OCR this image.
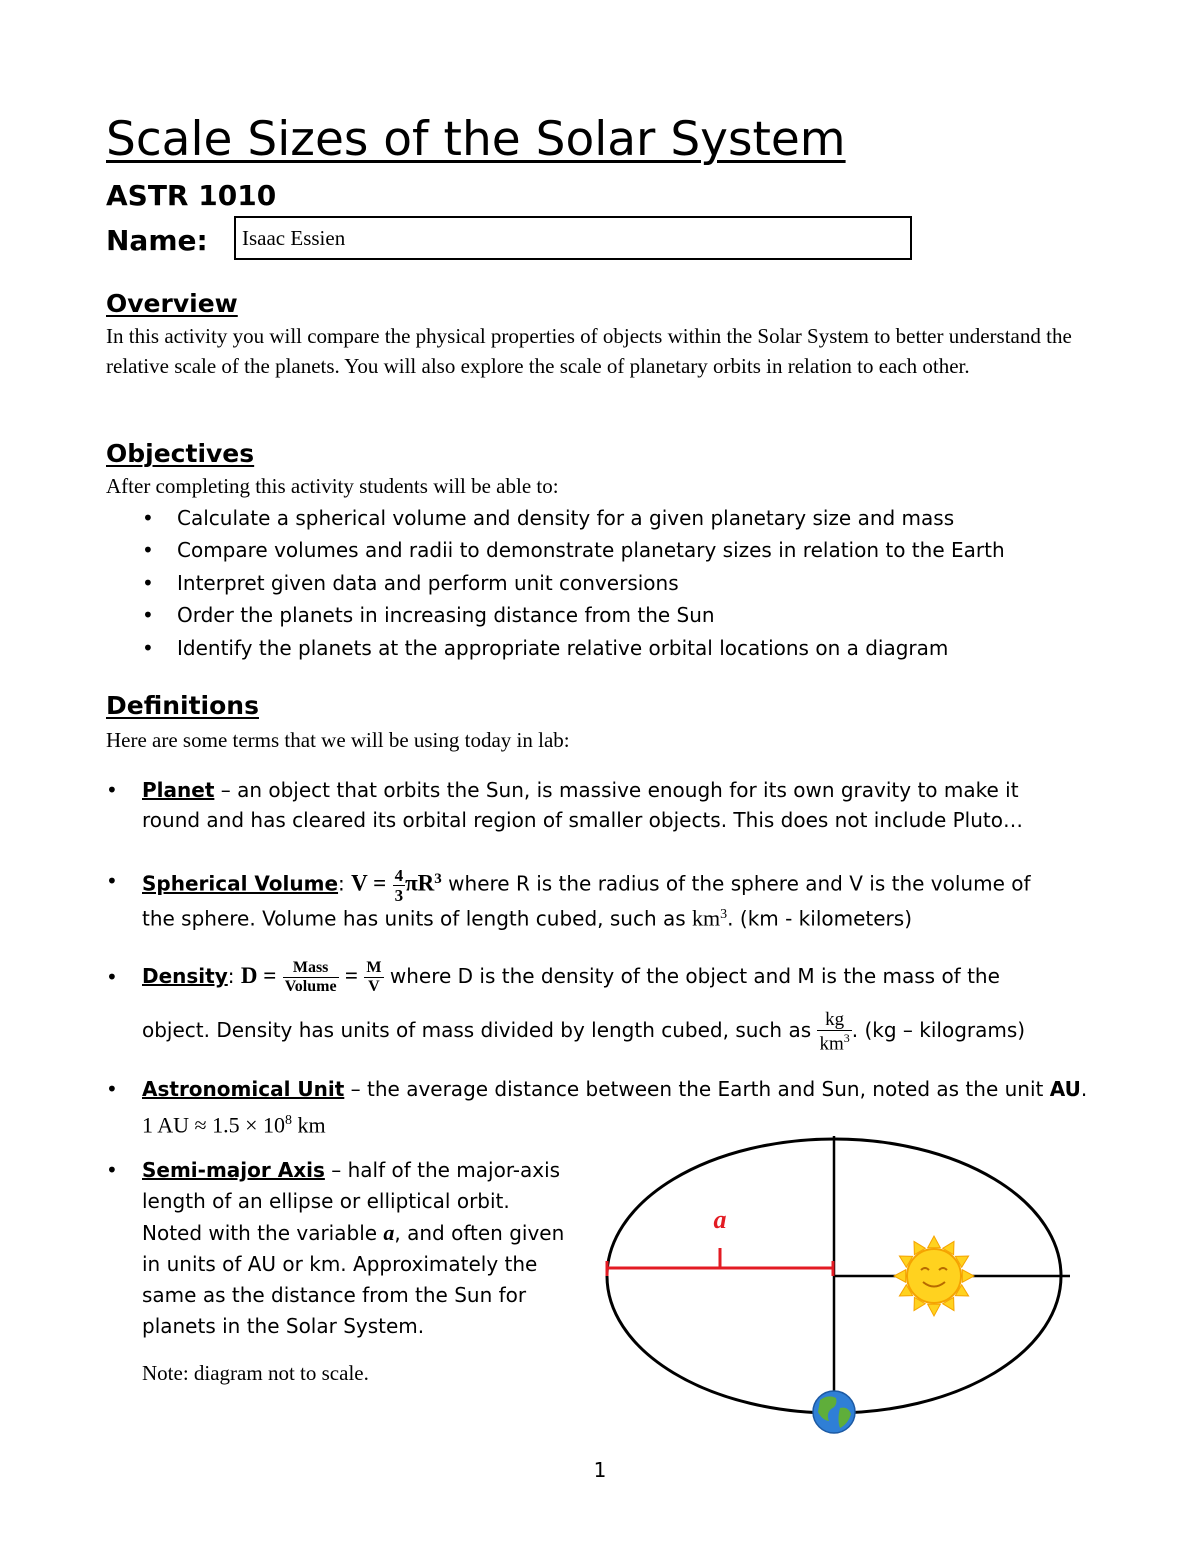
Scale Sizes of the Solar System
ASTR 1010
Name: Isaac Essien
Overview
In this activity you will compare the physical properties of objects within the Solar System to better understand the relative scale of the planets. You will also explore the scale of planetary orbits in relation to each other.
Objectives
After completing this activity students will be able to:
• Calculate a spherical volume and density for a given planetary size and mass
• Compare volumes and radii to demonstrate planetary sizes in relation to the Earth
• Interpret given data and perform unit conversions
• Order the planets in increasing distance from the Sun
• Identify the planets at the appropriate relative orbital locations on a diagram
Definitions
Here are some terms that we will be using today in lab:
• Planet – an object that orbits the Sun, is massive enough for its own gravity to make it round and has cleared its orbital region of smaller objects. This does not include Pluto…
• Spherical Volume: $V = \frac{4}{3} \pi R^3$ where R is the radius of the sphere and V is the volume of
the sphere. Volume has units of length cubed, such as $km^3$. (km - kilometers)
• Density: $D = \frac{\text{Mass}}{\text{Volume}} = \frac{M}{V}$ where D is the density of the object and M is the mass of the
object. Density has units of mass divided by length cubed, such as $\frac{kg}{km^3}$ . (kg – kilograms)
• Astronomical Unit – the average distance between the Earth and Sun, noted as the unit AU.
1 AU ≈ $1.5 \times 10^8$ km
• Semi-major Axis – half of the major-axis
length of an ellipse or elliptical orbit.
Noted with the variable a, and often given
in units of AU or km. Approximately the
same as the distance from the Sun for
planets in the Solar System.
Note: diagram not to scale.
a
1
